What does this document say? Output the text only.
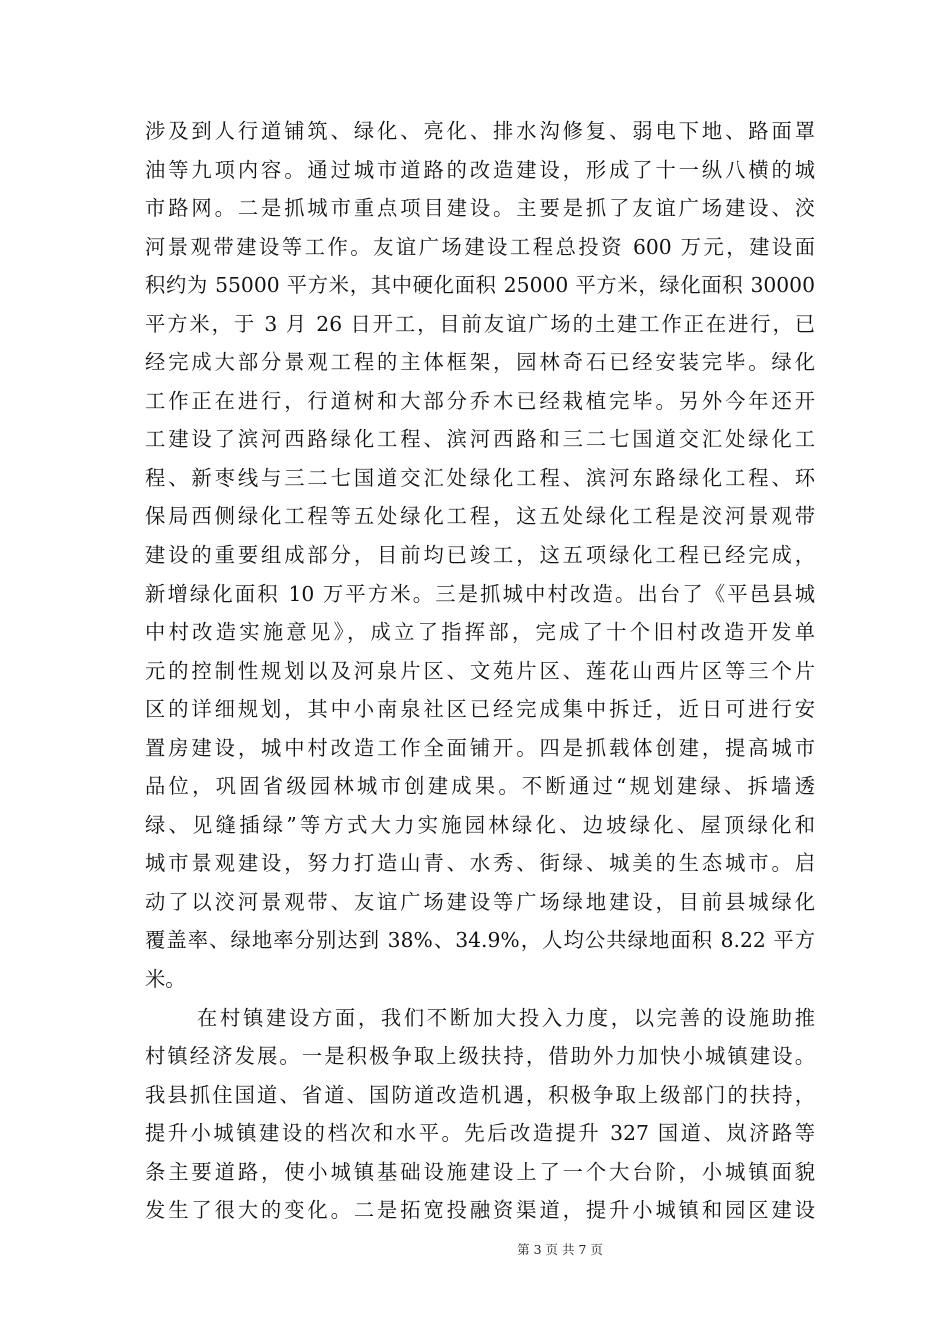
涉及到人行道铺筑、绿化、亮化、排水沟修复、弱电下地、路面罩
油等九项内容。通过城市道路的改造建设，形成了十一纵八横的城
市路网。二是抓城市重点项目建设。主要是抓了友谊广场建设、洨
河景观带建设等工作。友谊广场建设工程总投资 600 万元，建设面
积约为 55000 平方米，其中硬化面积 25000 平方米，绿化面积 30000
平方米，于 3 月 26 日开工，目前友谊广场的土建工作正在进行，已
经完成大部分景观工程的主体框架，园林奇石已经安装完毕。绿化
工作正在进行，行道树和大部分乔木已经栽植完毕。另外今年还开
工建设了滨河西路绿化工程、滨河西路和三二七国道交汇处绿化工
程、新枣线与三二七国道交汇处绿化工程、滨河东路绿化工程、环
保局西侧绿化工程等五处绿化工程，这五处绿化工程是洨河景观带
建设的重要组成部分，目前均已竣工，这五项绿化工程已经完成，
新增绿化面积 10 万平方米。三是抓城中村改造。出台了《平邑县城
中村改造实施意见》，成立了指挥部，完成了十个旧村改造开发单
元的控制性规划以及河泉片区、文苑片区、莲花山西片区等三个片
区的详细规划，其中小南泉社区已经完成集中拆迁，近日可进行安
置房建设，城中村改造工作全面铺开。四是抓载体创建，提高城市
品位，巩固省级园林城市创建成果。不断通过“规划建绿、拆墙透
绿、见缝插绿”等方式大力实施园林绿化、边坡绿化、屋顶绿化和
城市景观建设，努力打造山青、水秀、街绿、城美的生态城市。启
动了以洨河景观带、友谊广场建设等广场绿地建设，目前县城绿化
覆盖率、绿地率分别达到 38%、34.9%，人均公共绿地面积 8.22 平方
米。
在村镇建设方面，我们不断加大投入力度，以完善的设施助推
村镇经济发展。一是积极争取上级扶持，借助外力加快小城镇建设。
我县抓住国道、省道、国防道改造机遇，积极争取上级部门的扶持，
提升小城镇建设的档次和水平。先后改造提升 327 国道、岚济路等
条主要道路，使小城镇基础设施建设上了一个大台阶，小城镇面貌
发生了很大的变化。二是拓宽投融资渠道，提升小城镇和园区建设
第 3 页 共 7 页
